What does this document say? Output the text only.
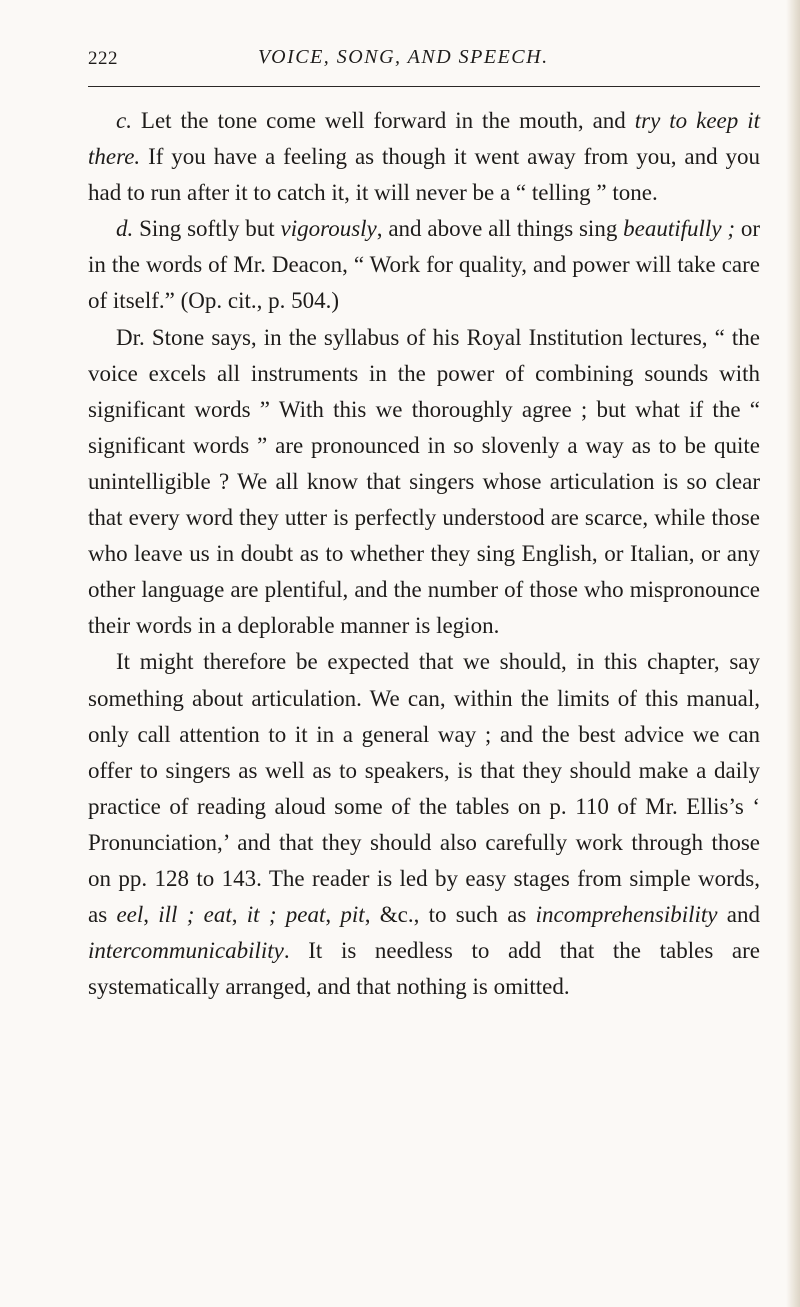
222	VOICE, SONG, AND SPEECH.

c. Let the tone come well forward in the mouth, and try to keep it there. If you have a feeling as though it went away from you, and you had to run after it to catch it, it will never be a “ telling ” tone.

d. Sing softly but vigorously, and above all things sing beautifully ; or in the words of Mr. Deacon, “ Work for quality, and power will take care of itself.” (Op. cit., p. 504.)

Dr. Stone says, in the syllabus of his Royal Institution lectures, “ the voice excels all instruments in the power of combining sounds with significant words ” With this we thoroughly agree ; but what if the “ significant words ” are pronounced in so slovenly a way as to be quite unintelligible ? We all know that singers whose articulation is so clear that every word they utter is perfectly understood are scarce, while those who leave us in doubt as to whether they sing English, or Italian, or any other language are plentiful, and the number of those who mispronounce their words in a deplorable manner is legion.

It might therefore be expected that we should, in this chapter, say something about articulation. We can, within the limits of this manual, only call attention to it in a general way ; and the best advice we can offer to singers as well as to speakers, is that they should make a daily practice of reading aloud some of the tables on p. 110 of Mr. Ellis’s ‘ Pronunciation,’ and that they should also carefully work through those on pp. 128 to 143. The reader is led by easy stages from simple words, as eel, ill ; eat, it ; peat, pit, &c., to such as incomprehensibility and intercommunicability. It is needless to add that the tables are systematically arranged, and that nothing is omitted.
